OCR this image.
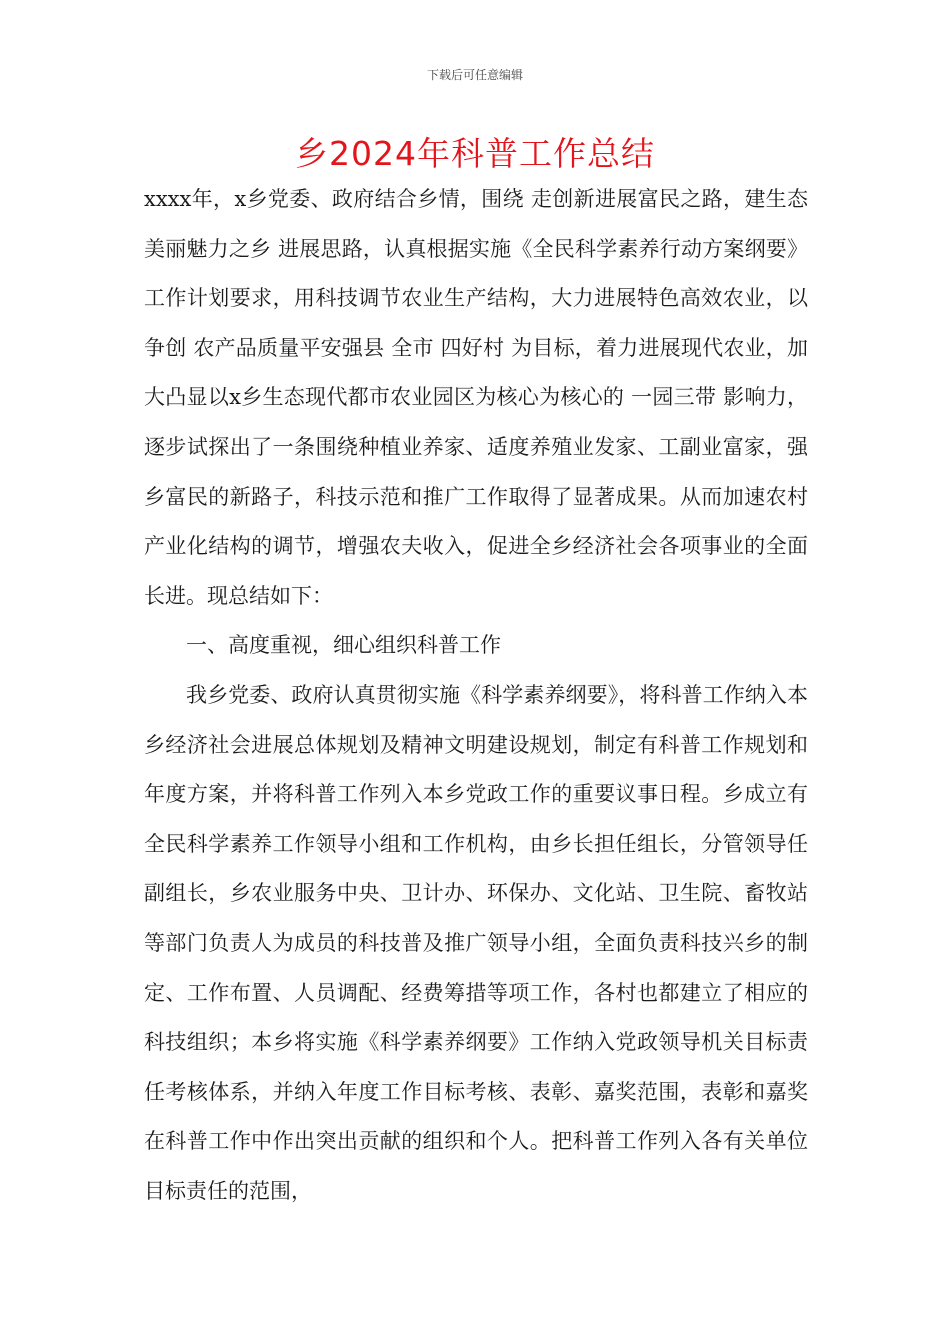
下载后可任意编辑
乡2024年科普工作总结

xxxx年，x乡党委、政府结合乡情，围绕 走创新进展富民之路，建生态美丽魅力之乡 进展思路，认真根据实施《全民科学素养行动方案纲要》工作计划要求，用科技调节农业生产结构，大力进展特色高效农业，以争创 农产品质量平安强县 全市 四好村 为目标，着力进展现代农业，加大凸显以x乡生态现代都市农业园区为核心为核心的 一园三带 影响力，逐步试探出了一条围绕种植业养家、适度养殖业发家、工副业富家，强乡富民的新路子，科技示范和推广工作取得了显著成果。从而加速农村产业化结构的调节，增强农夫收入，促进全乡经济社会各项事业的全面长进。现总结如下：

一、高度重视，细心组织科普工作

我乡党委、政府认真贯彻实施《科学素养纲要》，将科普工作纳入本乡经济社会进展总体规划及精神文明建设规划，制定有科普工作规划和年度方案，并将科普工作列入本乡党政工作的重要议事日程。乡成立有全民科学素养工作领导小组和工作机构，由乡长担任组长，分管领导任副组长，乡农业服务中央、卫计办、环保办、文化站、卫生院、畜牧站等部门负责人为成员的科技普及推广领导小组，全面负责科技兴乡的制定、工作布置、人员调配、经费筹措等项工作，各村也都建立了相应的科技组织；本乡将实施《科学素养纲要》工作纳入党政领导机关目标责任考核体系，并纳入年度工作目标考核、表彰、嘉奖范围，表彰和嘉奖在科普工作中作出突出贡献的组织和个人。把科普工作列入各有关单位目标责任的范围，
